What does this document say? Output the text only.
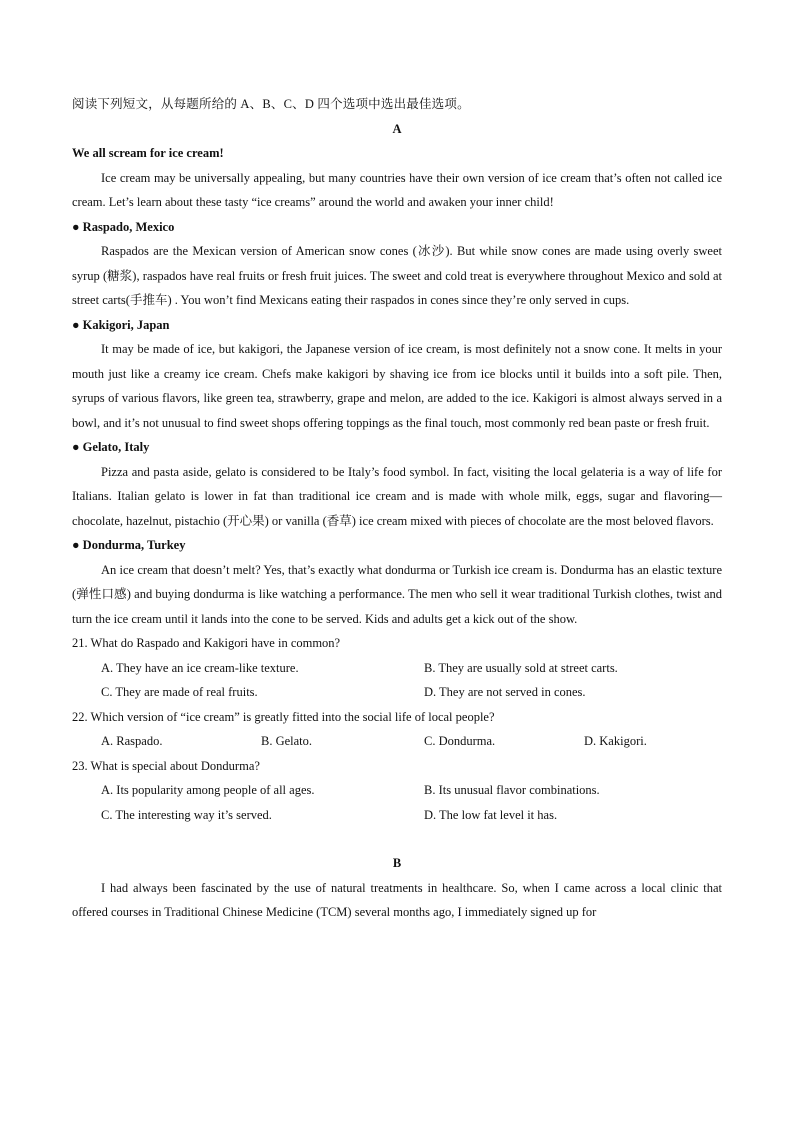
阅读下列短文，从每题所给的 A、B、C、D 四个选项中选出最佳选项。

A

We all scream for ice cream!

Ice cream may be universally appealing, but many countries have their own version of ice cream that’s often not called ice cream. Let’s learn about these tasty “ice creams” around the world and awaken your inner child!

● Raspado, Mexico

Raspados are the Mexican version of American snow cones (冰沙). But while snow cones are made using overly sweet syrup (糖浆), raspados have real fruits or fresh fruit juices. The sweet and cold treat is everywhere throughout Mexico and sold at street carts(手推车) . You won’t find Mexicans eating their raspados in cones since they’re only served in cups.

● Kakigori, Japan

It may be made of ice, but kakigori, the Japanese version of ice cream, is most definitely not a snow cone. It melts in your mouth just like a creamy ice cream. Chefs make kakigori by shaving ice from ice blocks until it builds into a soft pile. Then, syrups of various flavors, like green tea, strawberry, grape and melon, are added to the ice. Kakigori is almost always served in a bowl, and it’s not unusual to find sweet shops offering toppings as the final touch, most commonly red bean paste or fresh fruit.

● Gelato, Italy

Pizza and pasta aside, gelato is considered to be Italy’s food symbol. In fact, visiting the local gelateria is a way of life for Italians. Italian gelato is lower in fat than traditional ice cream and is made with whole milk, eggs, sugar and flavoring—chocolate, hazelnut, pistachio (开心果) or vanilla (香草) ice cream mixed with pieces of chocolate are the most beloved flavors.

● Dondurma, Turkey

An ice cream that doesn’t melt? Yes, that’s exactly what dondurma or Turkish ice cream is. Dondurma has an elastic texture (弹性口感) and buying dondurma is like watching a performance. The men who sell it wear traditional Turkish clothes, twist and turn the ice cream until it lands into the cone to be served. Kids and adults get a kick out of the show.

21. What do Raspado and Kakigori have in common?

A. They have an ice cream-like texture.	B. They are usually sold at street carts.
C. They are made of real fruits.	D. They are not served in cones.

22. Which version of “ice cream” is greatly fitted into the social life of local people?

A. Raspado.	B. Gelato.	C. Dondurma.	D. Kakigori.

23. What is special about Dondurma?

A. Its popularity among people of all ages.	B. Its unusual flavor combinations.
C. The interesting way it’s served.	D. The low fat level it has.

B

I had always been fascinated by the use of natural treatments in healthcare. So, when I came across a local clinic that offered courses in Traditional Chinese Medicine (TCM) several months ago, I immediately signed up for
